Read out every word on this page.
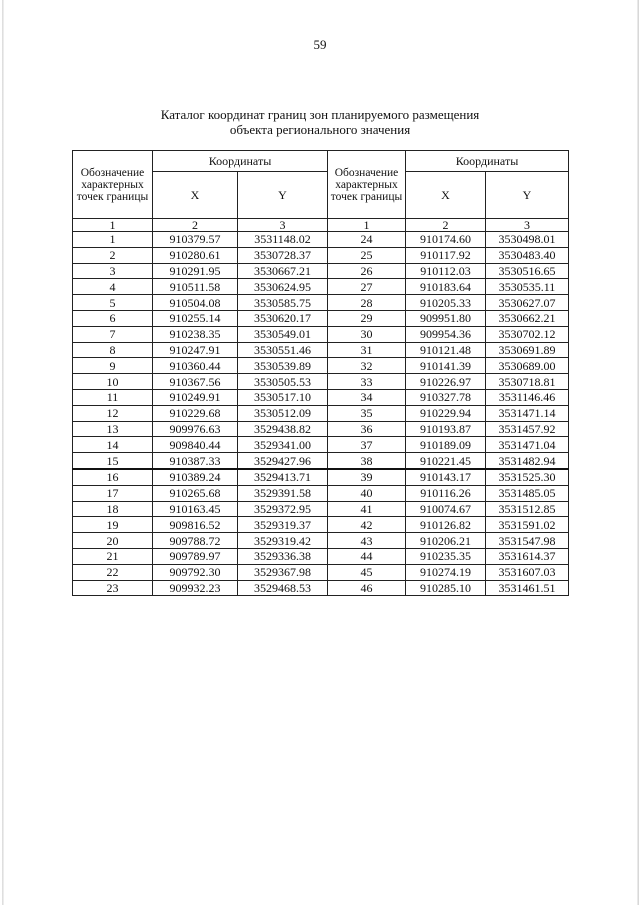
59
Каталог координат границ зон планируемого размещения
объекта регионального значения
Обозначение характерных точек границы	Координаты		Обозначение характерных точек границы	Координаты	
	X	Y		X	Y
1	2	3	1	2	3
1	910379.57	3531148.02	24	910174.60	3530498.01
2	910280.61	3530728.37	25	910117.92	3530483.40
3	910291.95	3530667.21	26	910112.03	3530516.65
4	910511.58	3530624.95	27	910183.64	3530535.11
5	910504.08	3530585.75	28	910205.33	3530627.07
6	910255.14	3530620.17	29	909951.80	3530662.21
7	910238.35	3530549.01	30	909954.36	3530702.12
8	910247.91	3530551.46	31	910121.48	3530691.89
9	910360.44	3530539.89	32	910141.39	3530689.00
10	910367.56	3530505.53	33	910226.97	3530718.81
11	910249.91	3530517.10	34	910327.78	3531146.46
12	910229.68	3530512.09	35	910229.94	3531471.14
13	909976.63	3529438.82	36	910193.87	3531457.92
14	909840.44	3529341.00	37	910189.09	3531471.04
15	910387.33	3529427.96	38	910221.45	3531482.94
16	910389.24	3529413.71	39	910143.17	3531525.30
17	910265.68	3529391.58	40	910116.26	3531485.05
18	910163.45	3529372.95	41	910074.67	3531512.85
19	909816.52	3529319.37	42	910126.82	3531591.02
20	909788.72	3529319.42	43	910206.21	3531547.98
21	909789.97	3529336.38	44	910235.35	3531614.37
22	909792.30	3529367.98	45	910274.19	3531607.03
23	909932.23	3529468.53	46	910285.10	3531461.51
